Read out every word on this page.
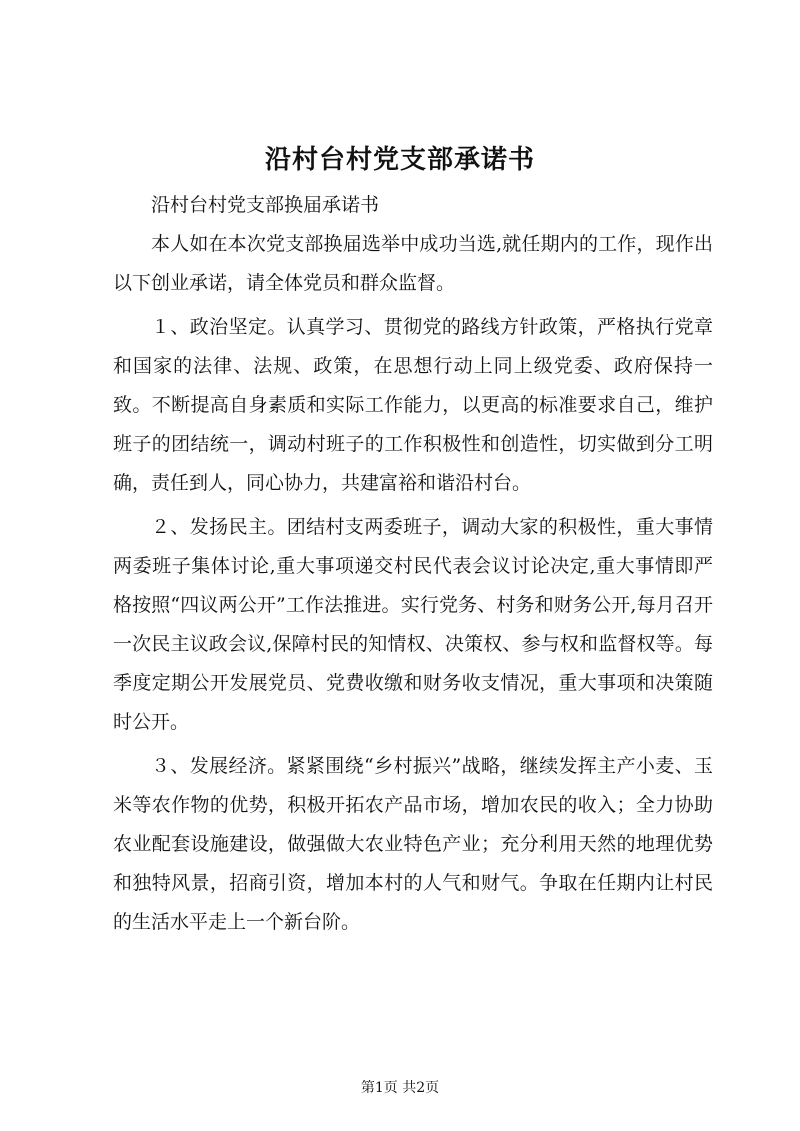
沿村台村党支部承诺书

沿村台村党支部换届承诺书

本人如在本次党支部换届选举中成功当选,就任期内的工作，现作出以下创业承诺，请全体党员和群众监督。

１、政治坚定。认真学习、贯彻党的路线方针政策，严格执行党章和国家的法律、法规、政策，在思想行动上同上级党委、政府保持一致。不断提高自身素质和实际工作能力，以更高的标准要求自己，维护班子的团结统一，调动村班子的工作积极性和创造性，切实做到分工明确，责任到人，同心协力，共建富裕和谐沿村台。

２、发扬民主。团结村支两委班子，调动大家的积极性，重大事情两委班子集体讨论,重大事项递交村民代表会议讨论决定,重大事情即严格按照“四议两公开”工作法推进。实行党务、村务和财务公开,每月召开一次民主议政会议,保障村民的知情权、决策权、参与权和监督权等。每季度定期公开发展党员、党费收缴和财务收支情况，重大事项和决策随时公开。

３、发展经济。紧紧围绕“乡村振兴”战略，继续发挥主产小麦、玉米等农作物的优势，积极开拓农产品市场，增加农民的收入；全力协助农业配套设施建设，做强做大农业特色产业；充分利用天然的地理优势和独特风景，招商引资，增加本村的人气和财气。争取在任期内让村民的生活水平走上一个新台阶。

第1页 共2页
